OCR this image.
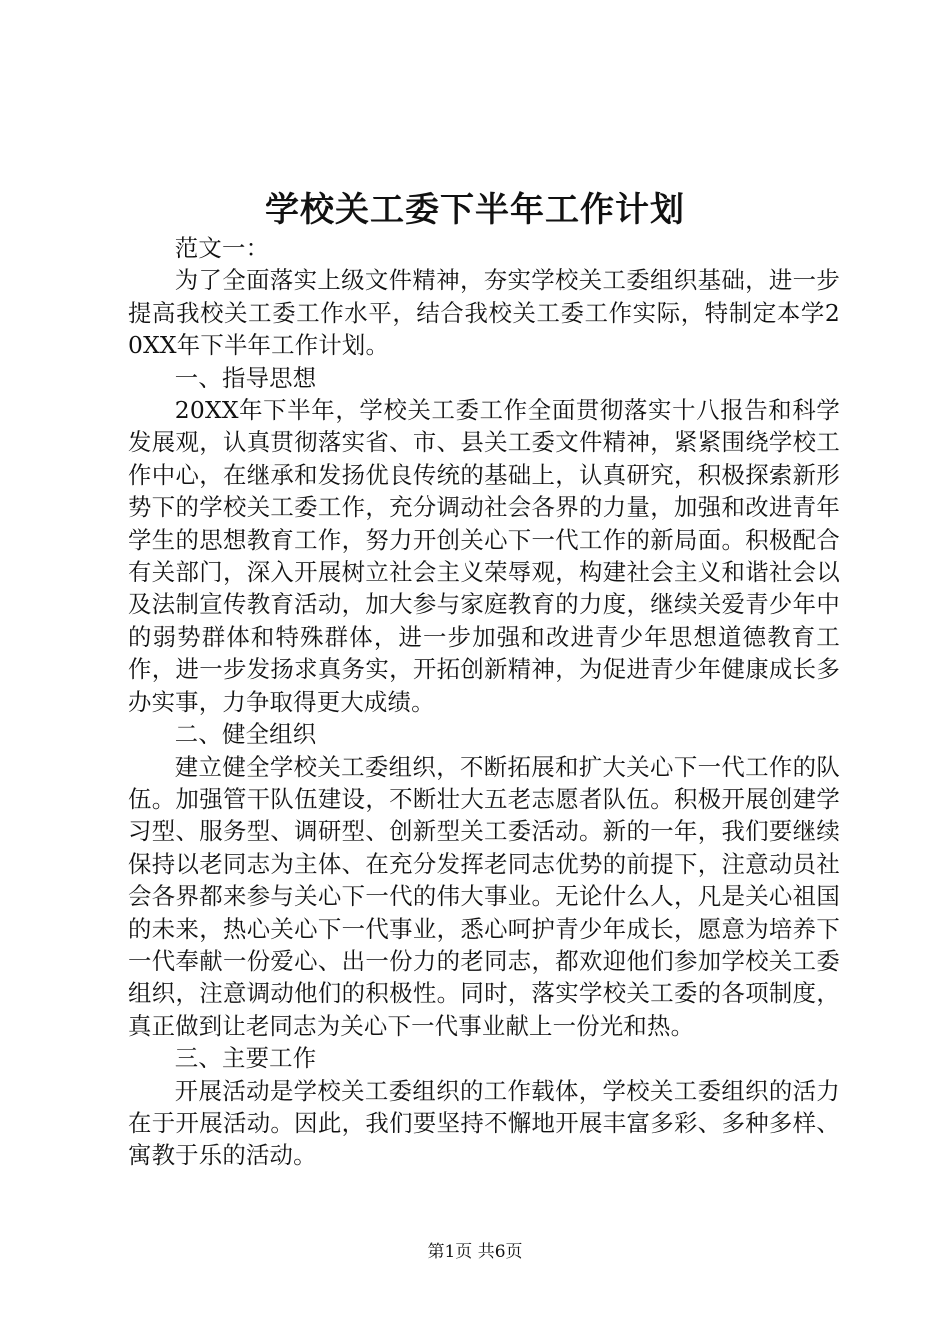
学校关工委下半年工作计划

范文一：

为了全面落实上级文件精神，夯实学校关工委组织基础，进一步提高我校关工委工作水平，结合我校关工委工作实际，特制定本学20XX年下半年工作计划。

一、指导思想

20XX年下半年，学校关工委工作全面贯彻落实十八报告和科学发展观，认真贯彻落实省、市、县关工委文件精神，紧紧围绕学校工作中心，在继承和发扬优良传统的基础上，认真研究，积极探索新形势下的学校关工委工作，充分调动社会各界的力量，加强和改进青年学生的思想教育工作，努力开创关心下一代工作的新局面。积极配合有关部门，深入开展树立社会主义荣辱观，构建社会主义和谐社会以及法制宣传教育活动，加大参与家庭教育的力度，继续关爱青少年中的弱势群体和特殊群体，进一步加强和改进青少年思想道德教育工作，进一步发扬求真务实，开拓创新精神，为促进青少年健康成长多办实事，力争取得更大成绩。

二、健全组织

建立健全学校关工委组织，不断拓展和扩大关心下一代工作的队伍。加强管干队伍建设，不断壮大五老志愿者队伍。积极开展创建学习型、服务型、调研型、创新型关工委活动。新的一年，我们要继续保持以老同志为主体、在充分发挥老同志优势的前提下，注意动员社会各界都来参与关心下一代的伟大事业。无论什么人，凡是关心祖国的未来，热心关心下一代事业，悉心呵护青少年成长，愿意为培养下一代奉献一份爱心、出一份力的老同志，都欢迎他们参加学校关工委组织，注意调动他们的积极性。同时，落实学校关工委的各项制度，真正做到让老同志为关心下一代事业献上一份光和热。

三、主要工作

开展活动是学校关工委组织的工作载体，学校关工委组织的活力在于开展活动。因此，我们要坚持不懈地开展丰富多彩、多种多样、寓教于乐的活动。

第1页 共6页
